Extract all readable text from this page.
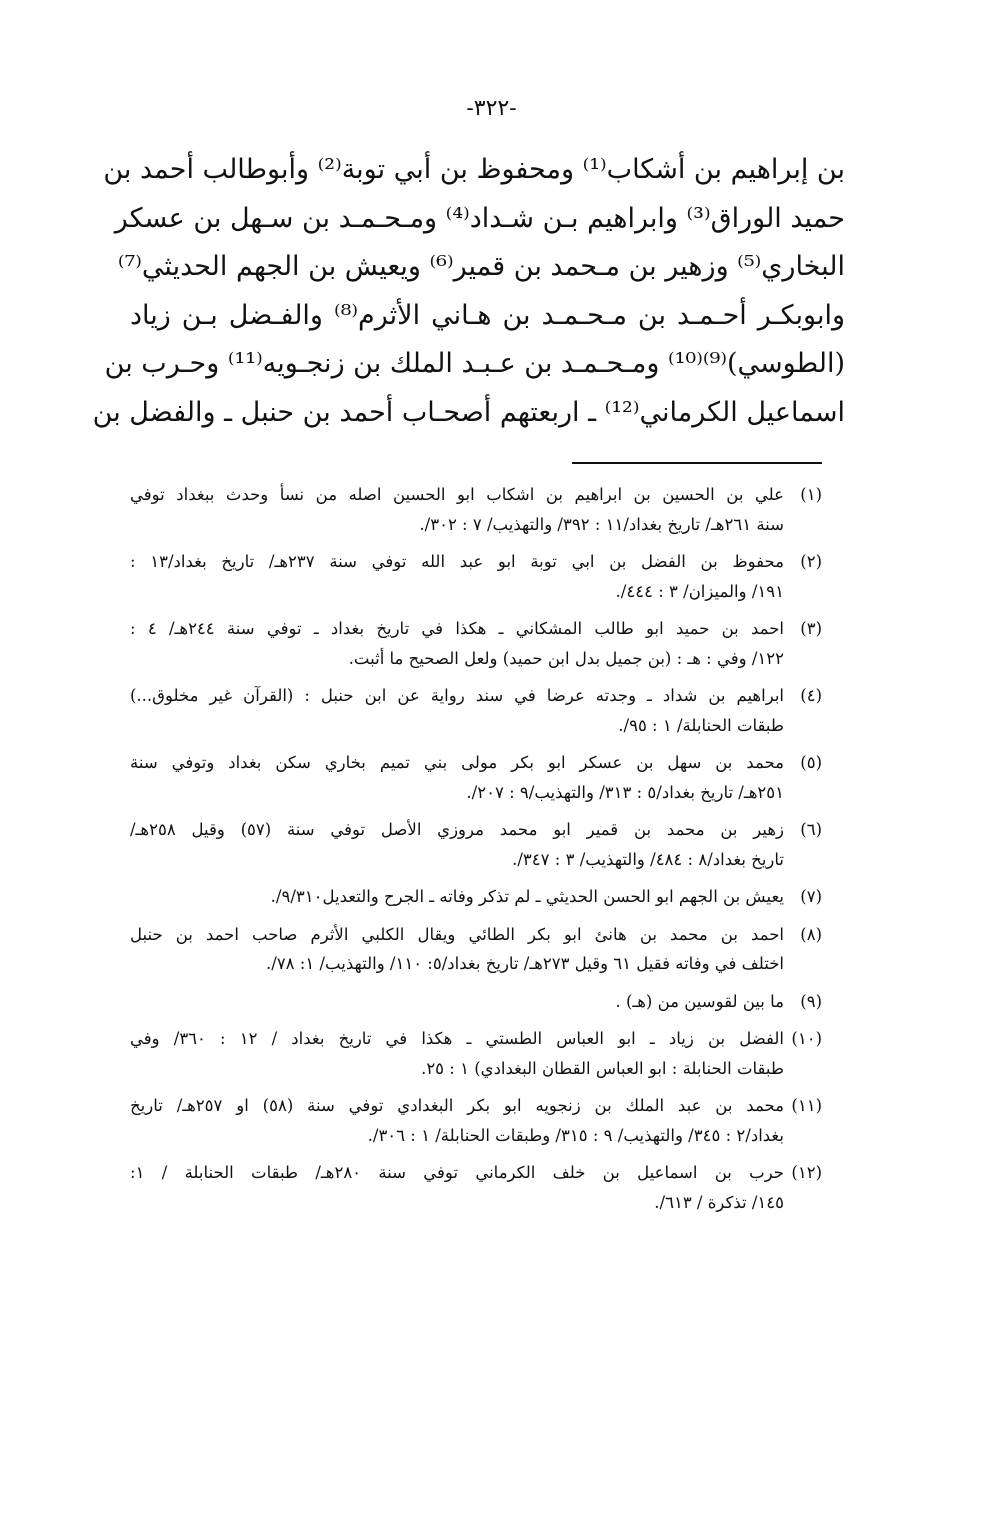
-٣٢٢-
بن إبراهيم بن أشكاب⁽¹⁾ ومحفوظ بن أبي توبة⁽²⁾ وأبوطالب أحمد بن
حميد الوراق⁽³⁾ وابراهيم بـن شـداد⁽⁴⁾ ومـحـمـد بن سـهل بن عسكر
البخاري⁽⁵⁾ وزهير بن مـحمد بن قمير⁽⁶⁾ ويعيش بن الجهم الحديثي⁽⁷⁾
وابوبكـر أحـمـد بن مـحـمـد بن هـاني الأثرم⁽⁸⁾ والفـضل بـن زياد
(الطوسي)⁽⁹⁾⁽¹⁰⁾ ومـحـمـد بن عـبـد الملك بن زنجـويه⁽¹¹⁾ وحـرب بن
اسماعيل الكرماني⁽¹²⁾ ـ اربعتهم أصحـاب أحمد بن حنبل ـ والفضل بن
(١)
علي بن الحسين بن ابراهيم بن اشكاب ابو الحسين اصله من نسأ وحدث ببغداد توفي
سنة ٢٦١هـ/ تاريخ بغداد/١١ : ٣٩٢/ والتهذيب/ ٧ : ٣٠٢/.
(٢)
محفوظ بن الفضل بن ابي توبة ابو عبد الله توفي سنة ٢٣٧هـ/ تاريخ بغداد/١٣ :
١٩١/ والميزان/ ٣ : ٤٤٤/.
(٣)
احمد بن حميد ابو طالب المشكاني ـ هكذا في تاريخ بغداد ـ توفي سنة ٢٤٤هـ/ ٤ :
١٢٢/ وفي : هـ : (بن جميل بدل ابن حميد) ولعل الصحيح ما أثبت.
(٤)
ابراهيم بن شداد ـ وجدته عرضا في سند رواية عن ابن حنبل : (القرآن غير مخلوق...)
طبقات الحنابلة/ ١ : ٩٥/.
(٥)
محمد بن سهل بن عسكر ابو بكر مولى بني تميم بخاري سكن بغداد وتوفي سنة
٢٥١هـ/ تاريخ بغداد/٥ : ٣١٣/ والتهذيب/٩ : ٢٠٧/.
(٦)
زهير بن محمد بن قمير ابو محمد مروزي الأصل توفي سنة (٥٧) وقيل ٢٥٨هـ/
تاريخ بغداد/٨ : ٤٨٤/ والتهذيب/ ٣ : ٣٤٧/.
(٧)
يعيش بن الجهم ابو الحسن الحديثي ـ لم تذكر وفاته ـ الجرح والتعديل٩/٣١٠/.
(٨)
احمد بن محمد بن هانئ ابو بكر الطائي ويقال الكلبي الأثرم صاحب احمد بن حنبل
اختلف في وفاته فقيل ٦١ وقيل ٢٧٣هـ/ تاريخ بغداد/٥: ١١٠/ والتهذيب/ ١: ٧٨/.
(٩)
ما بين لقوسين من (هـ) .
(١٠)
الفضل بن زياد ـ ابو العباس الطستي ـ هكذا في تاريخ بغداد / ١٢ : ٣٦٠/ وفي
طبقات الحنابلة : ابو العباس القطان البغدادي) ١ : ٢٥.
(١١)
محمد بن عبد الملك بن زنجويه ابو بكر البغدادي توفي سنة (٥٨) او ٢٥٧هـ/ تاريخ
بغداد/٢ : ٣٤٥/ والتهذيب/ ٩ : ٣١٥/ وطبقات الحنابلة/ ١ : ٣٠٦/.
(١٢)
حرب بن اسماعيل بن خلف الكرماني توفي سنة ٢٨٠هـ/ طبقات الحنابلة / ١:
١٤٥/ تذكرة / ٦١٣/.
